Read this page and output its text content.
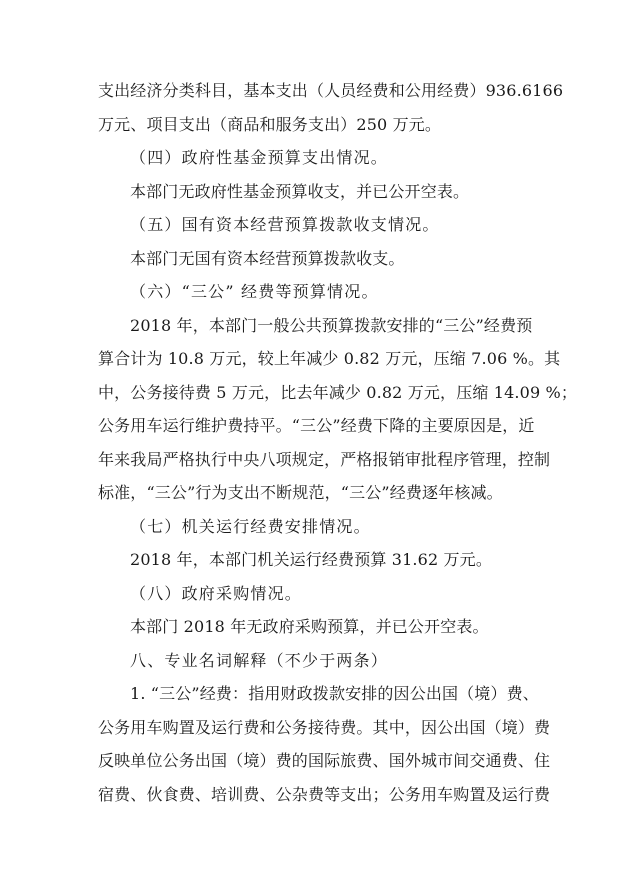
支出经济分类科目，基本支出（人员经费和公用经费）936.6166
万元、项目支出（商品和服务支出）250 万元。
（四）政府性基金预算支出情况。
本部门无政府性基金预算收支，并已公开空表。
（五）国有资本经营预算拨款收支情况。
本部门无国有资本经营预算拨款收支。
（六）“三公” 经费等预算情况。
2018 年，本部门一般公共预算拨款安排的“三公”经费预
算合计为 10.8 万元，较上年减少 0.82 万元，压缩 7.06 %。其
中，公务接待费 5 万元，比去年减少 0.82 万元，压缩 14.09 %；
公务用车运行维护费持平。“三公”经费下降的主要原因是，近
年来我局严格执行中央八项规定，严格报销审批程序管理，控制
标准，“三公”行为支出不断规范，“三公”经费逐年核减。
（七）机关运行经费安排情况。
2018 年，本部门机关运行经费预算 31.62 万元。
（八）政府采购情况。
本部门 2018 年无政府采购预算，并已公开空表。
八、专业名词解释（不少于两条）
1. “三公”经费：指用财政拨款安排的因公出国（境）费、
公务用车购置及运行费和公务接待费。其中，因公出国（境）费
反映单位公务出国（境）费的国际旅费、国外城市间交通费、住
宿费、伙食费、培训费、公杂费等支出；公务用车购置及运行费
